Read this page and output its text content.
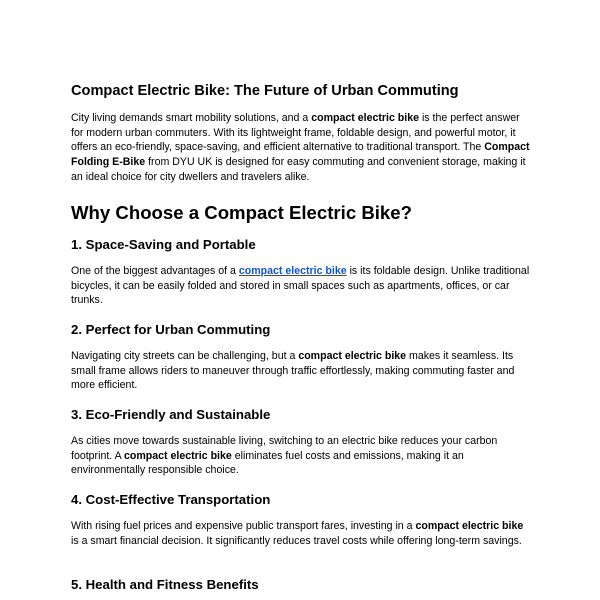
Compact Electric Bike: The Future of Urban Commuting

City living demands smart mobility solutions, and a compact electric bike is the perfect answer for modern urban commuters. With its lightweight frame, foldable design, and powerful motor, it offers an eco-friendly, space-saving, and efficient alternative to traditional transport. The Compact Folding E-Bike from DYU UK is designed for easy commuting and convenient storage, making it an ideal choice for city dwellers and travelers alike.

Why Choose a Compact Electric Bike?
1. Space-Saving and Portable

One of the biggest advantages of a compact electric bike is its foldable design. Unlike traditional bicycles, it can be easily folded and stored in small spaces such as apartments, offices, or car trunks.

2. Perfect for Urban Commuting

Navigating city streets can be challenging, but a compact electric bike makes it seamless. Its small frame allows riders to maneuver through traffic effortlessly, making commuting faster and more efficient.

3. Eco-Friendly and Sustainable

As cities move towards sustainable living, switching to an electric bike reduces your carbon footprint. A compact electric bike eliminates fuel costs and emissions, making it an environmentally responsible choice.

4. Cost-Effective Transportation

With rising fuel prices and expensive public transport fares, investing in a compact electric bike is a smart financial decision. It significantly reduces travel costs while offering long-term savings.

5. Health and Fitness Benefits
